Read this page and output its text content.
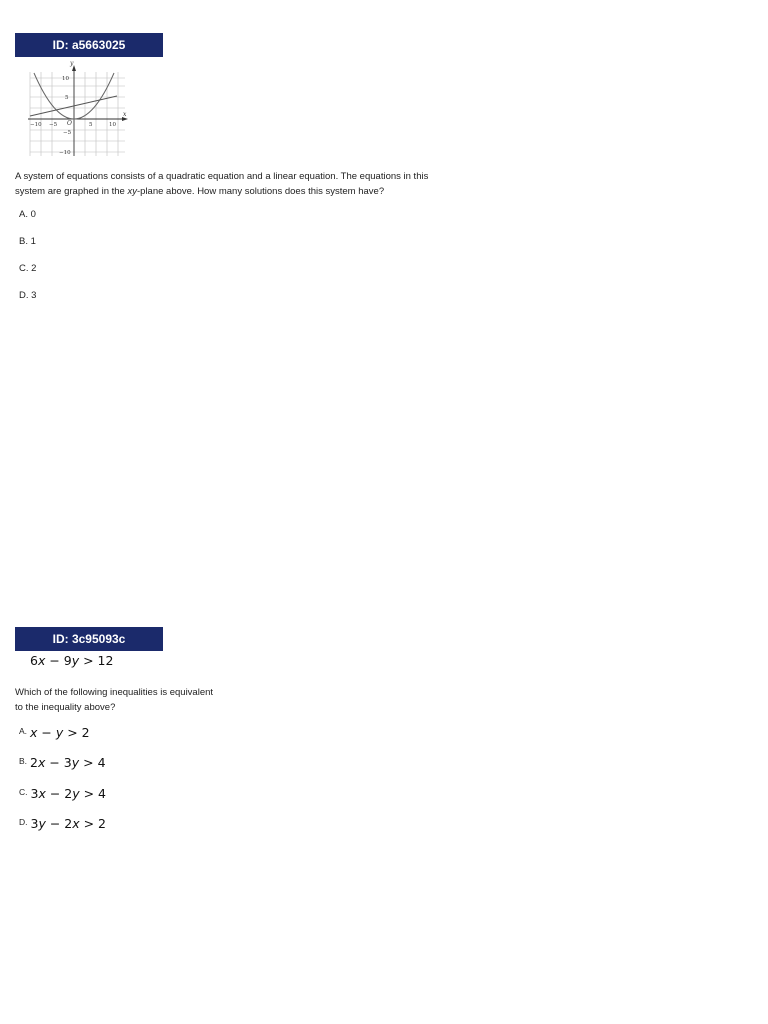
ID: a5663025
y
x
O
−10 −5	5	10
10
5
−5
−10
A system of equations consists of a quadratic equation and a linear equation. The equations in this
system are graphed in the xy-plane above. How many solutions does this system have?
A. 0
B. 1
C. 2
D. 3
ID: 3c95093c
6x − 9y > 12
Which of the following inequalities is equivalent
to the inequality above?
A. x − y > 2
B. 2x − 3y > 4
C. 3x − 2y > 4
D. 3y − 2x > 2
